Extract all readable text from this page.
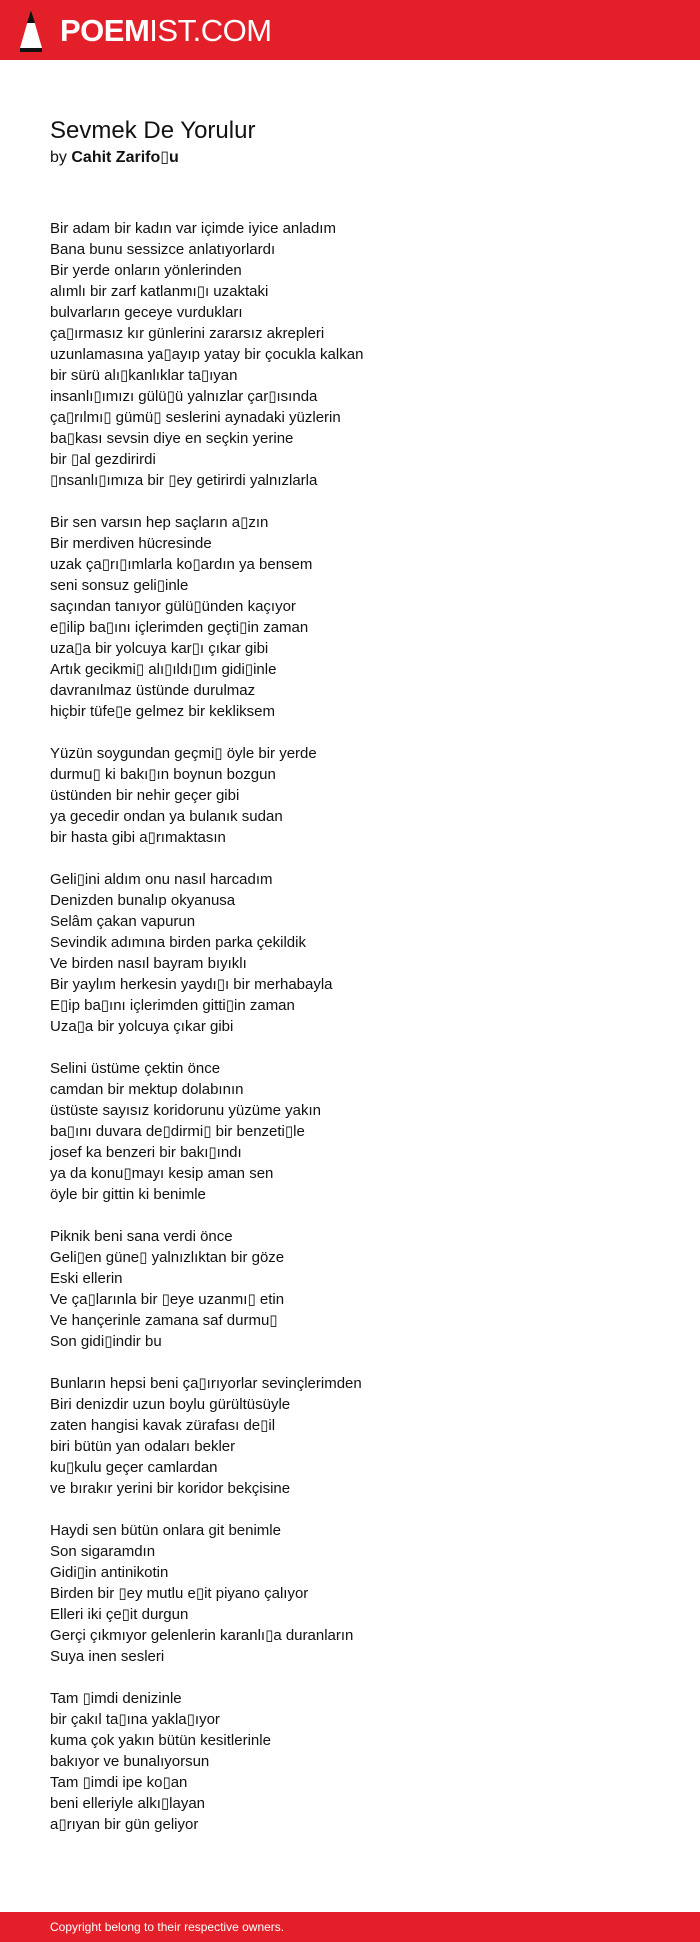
POEMIST.COM
Sevmek De Yorulur
by Cahit Zarifo▯u
Bir adam bir kadın var içimde iyice anladım
Bana bunu sessizce anlatıyorlardı
Bir yerde onların yönlerinden
alımlı bir zarf katlanmı▯ı uzaktaki
bulvarların geceye vurdukları
ça▯ırmasız kır günlerini zararsız akrepleri
uzunlamasına ya▯ayıp yatay bir çocukla kalkan
bir sürü alı▯kanlıklar ta▯ıyan
insanlı▯ımızı gülü▯ü yalnızlar çar▯ısında
ça▯rılmı▯ gümü▯ seslerini aynadaki yüzlerin
ba▯kası sevsin diye en seçkin yerine
bir ▯al gezdirirdi
▯nsanlı▯ımıza bir ▯ey getirirdi yalnızlarla
Bir sen varsın hep saçların a▯zın
Bir merdiven hücresinde
uzak ça▯rı▯ımlarla ko▯ardın ya bensem
seni sonsuz geli▯inle
saçından tanıyor gülü▯ünden kaçıyor
e▯ilip ba▯ını içlerimden geçti▯in zaman
uza▯a bir yolcuya kar▯ı çıkar gibi
Artık gecikmi▯ alı▯ıldı▯ım gidi▯inle
davranılmaz üstünde durulmaz
hiçbir tüfe▯e gelmez bir kekliksem
Yüzün soygundan geçmi▯ öyle bir yerde
durmu▯ ki bakı▯ın boynun bozgun
üstünden bir nehir geçer gibi
ya gecedir ondan ya bulanık sudan
bir hasta gibi a▯rımaktasın
Geli▯ini aldım onu nasıl harcadım
Denizden bunalıp okyanusa
Selâm çakan vapurun
Sevindik adımına birden parka çekildik
Ve birden nasıl bayram bıyıklı
Bir yaylım herkesin yaydı▯ı bir merhabayla
E▯ip ba▯ını içlerimden gitti▯in zaman
Uza▯a bir yolcuya çıkar gibi
Selini üstüme çektin önce
camdan bir mektup dolabının
üstüste sayısız koridorunu yüzüme yakın
ba▯ını duvara de▯dirmi▯ bir benzeti▯le
josef ka benzeri bir bakı▯ındı
ya da konu▯mayı kesip aman sen
öyle bir gittin ki benimle
Piknik beni sana verdi önce
Geli▯en güne▯ yalnızlıktan bir göze
Eski ellerin
Ve ça▯larınla bir ▯eye uzanmı▯ etin
Ve hançerinle zamana saf durmu▯
Son gidi▯indir bu
Bunların hepsi beni ça▯ırıyorlar sevinçlerimden
Biri denizdir uzun boylu gürültüsüyle
zaten hangisi kavak zürafası de▯il
biri bütün yan odaları bekler
ku▯kulu geçer camlardan
ve bırakır yerini bir koridor bekçisine
Haydi sen bütün onlara git benimle
Son sigaramdın
Gidi▯in antinikotin
Birden bir ▯ey mutlu e▯it piyano çalıyor
Elleri iki çe▯it durgun
Gerçi çıkmıyor gelenlerin karanlı▯a duranların
Suya inen sesleri
Tam ▯imdi denizinle
bir çakıl ta▯ına yakla▯ıyor
kuma çok yakın bütün kesitlerinle
bakıyor ve bunalıyorsun
Tam ▯imdi ipe ko▯an
beni elleriyle alkı▯layan
a▯rıyan bir gün geliyor
Copyright belong to their respective owners.
